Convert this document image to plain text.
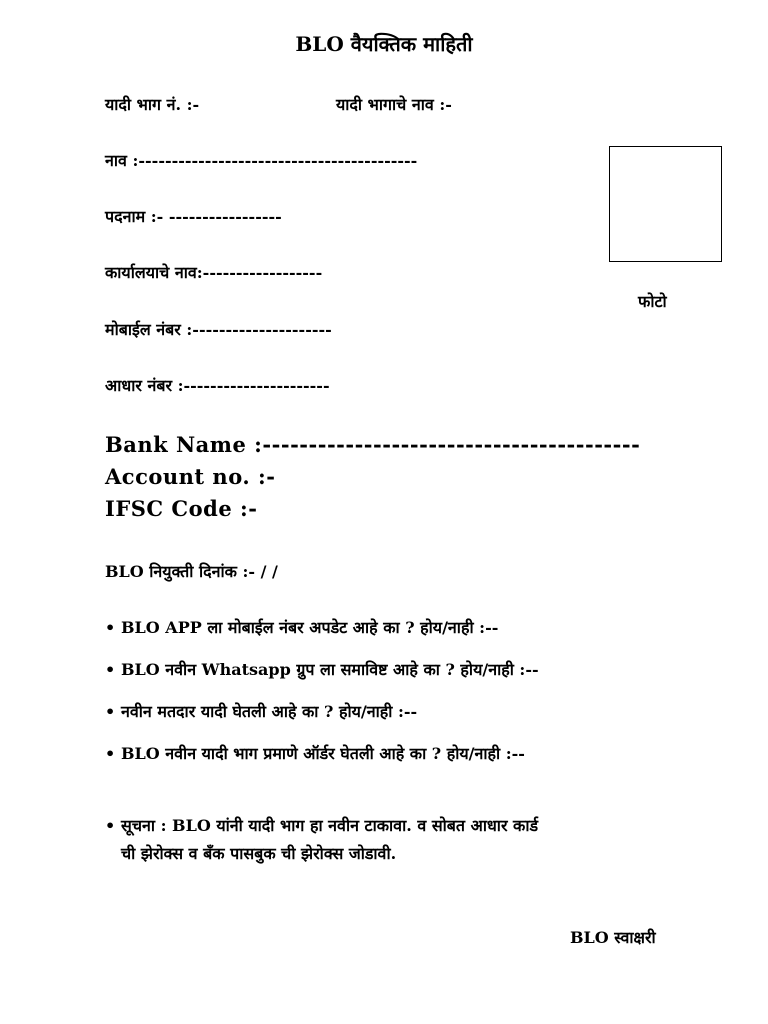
BLO वैयक्तिक माहिती
यादी भाग नं. :-	यादी भागाचे नाव :-
नाव :------------------------------------------
पदनाम :- -----------------
कार्यालयाचे नाव:------------------
मोबाईल नंबर :---------------------
आधार नंबर :----------------------
फोटो
Bank Name :-----------------------------------------
Account no. :-
IFSC Code :-
BLO नियुक्ती दिनांक :- / /
• BLO APP ला मोबाईल नंबर अपडेट आहे का ? होय/नाही :--
• BLO नवीन Whatsapp ग्रुप ला समाविष्ट आहे का ? होय/नाही :--
• नवीन मतदार यादी घेतली आहे का ? होय/नाही :--
• BLO नवीन यादी भाग प्रमाणे ऑर्डर घेतली आहे का ? होय/नाही :--
• सूचना : BLO यांनी यादी भाग हा नवीन टाकावा. व सोबत आधार कार्ड
ची झेरोक्स व बँक पासबुक ची झेरोक्स जोडावी.
BLO स्वाक्षरी
